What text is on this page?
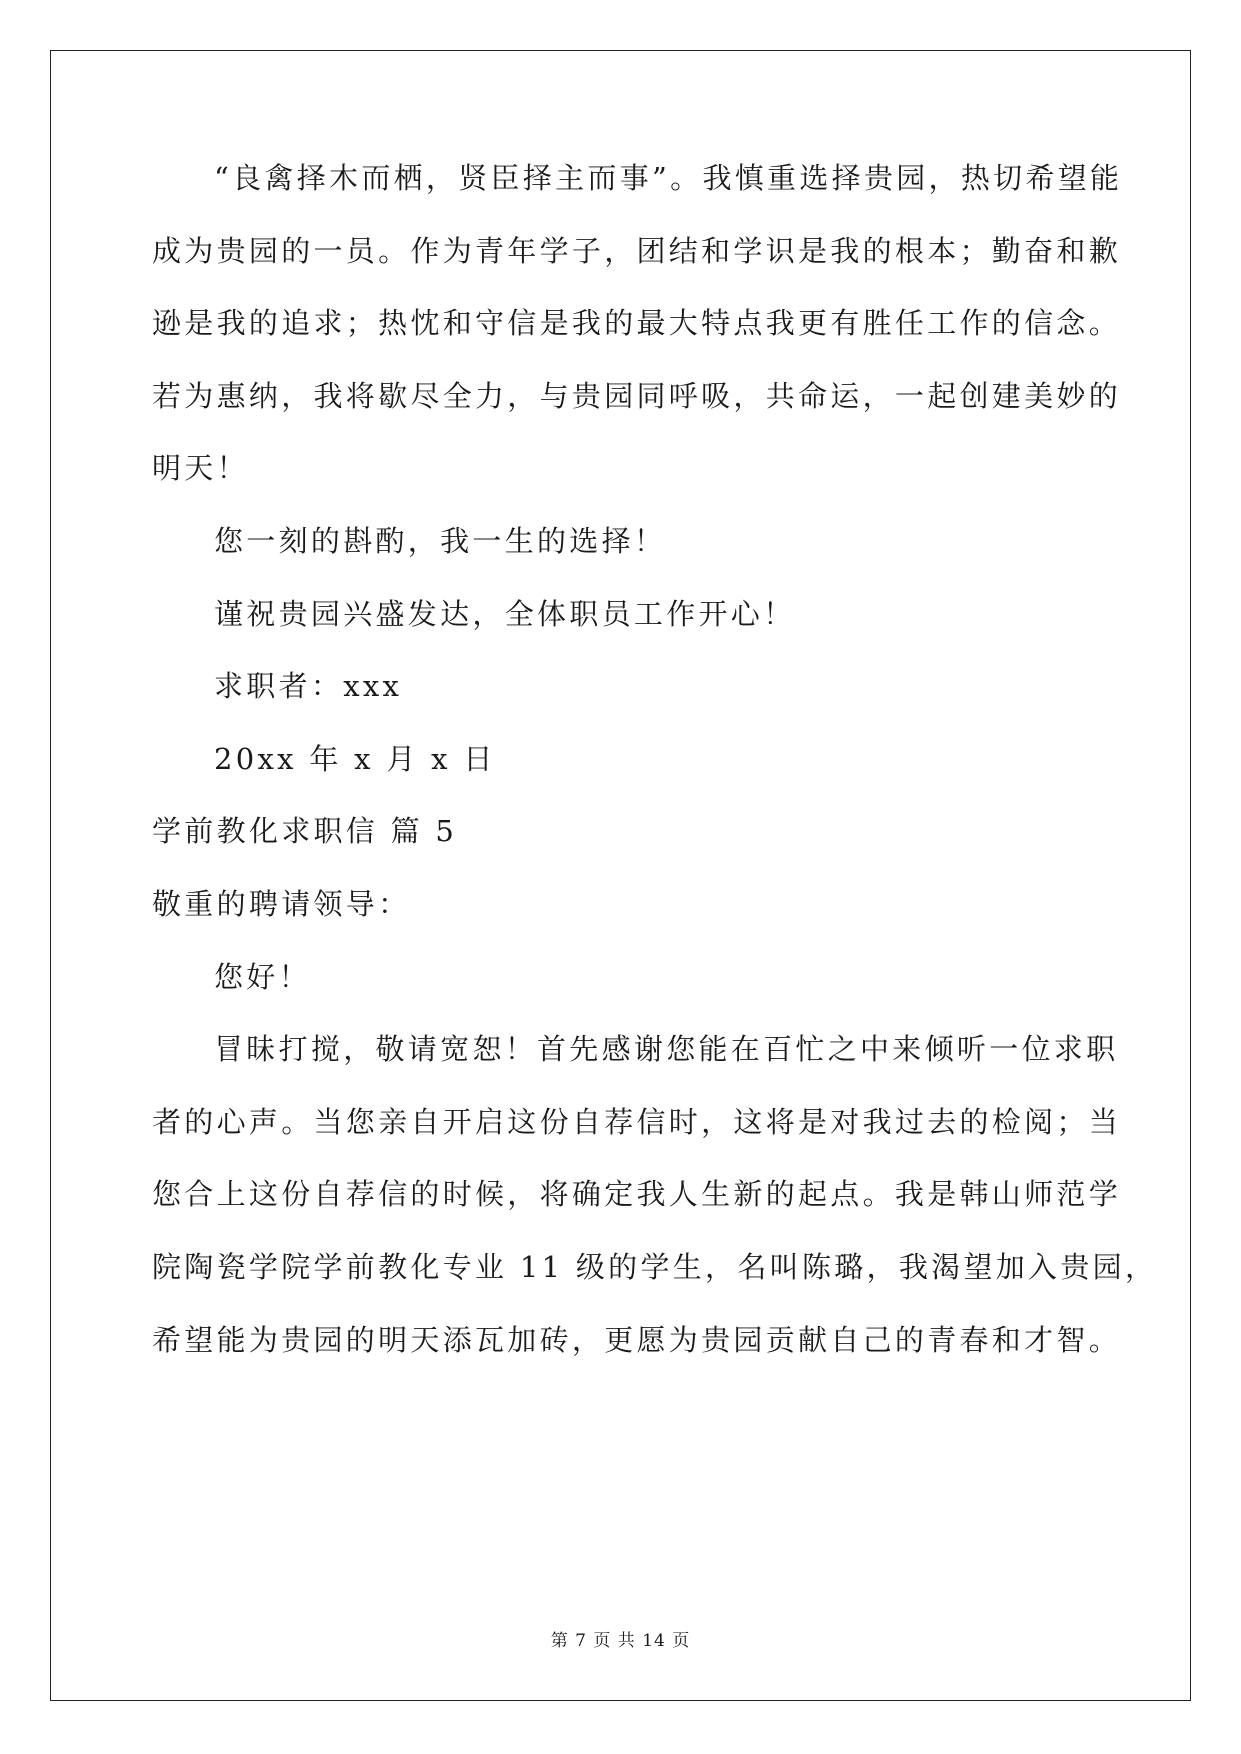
“良禽择木而栖，贤臣择主而事”。我慎重选择贵园，热切希望能
成为贵园的一员。作为青年学子，团结和学识是我的根本；勤奋和歉
逊是我的追求；热忱和守信是我的最大特点我更有胜任工作的信念。
若为惠纳，我将歇尽全力，与贵园同呼吸，共命运，一起创建美妙的
明天！
您一刻的斟酌，我一生的选择！
谨祝贵园兴盛发达，全体职员工作开心！
求职者：xxx
20xx 年 x 月 x 日
学前教化求职信 篇 5
敬重的聘请领导：
您好！
冒昧打搅，敬请宽恕！首先感谢您能在百忙之中来倾听一位求职
者的心声。当您亲自开启这份自荐信时，这将是对我过去的检阅；当
您合上这份自荐信的时候，将确定我人生新的起点。我是韩山师范学
院陶瓷学院学前教化专业 11 级的学生，名叫陈璐，我渴望加入贵园，
希望能为贵园的明天添瓦加砖，更愿为贵园贡献自己的青春和才智。
第 7 页 共 14 页
